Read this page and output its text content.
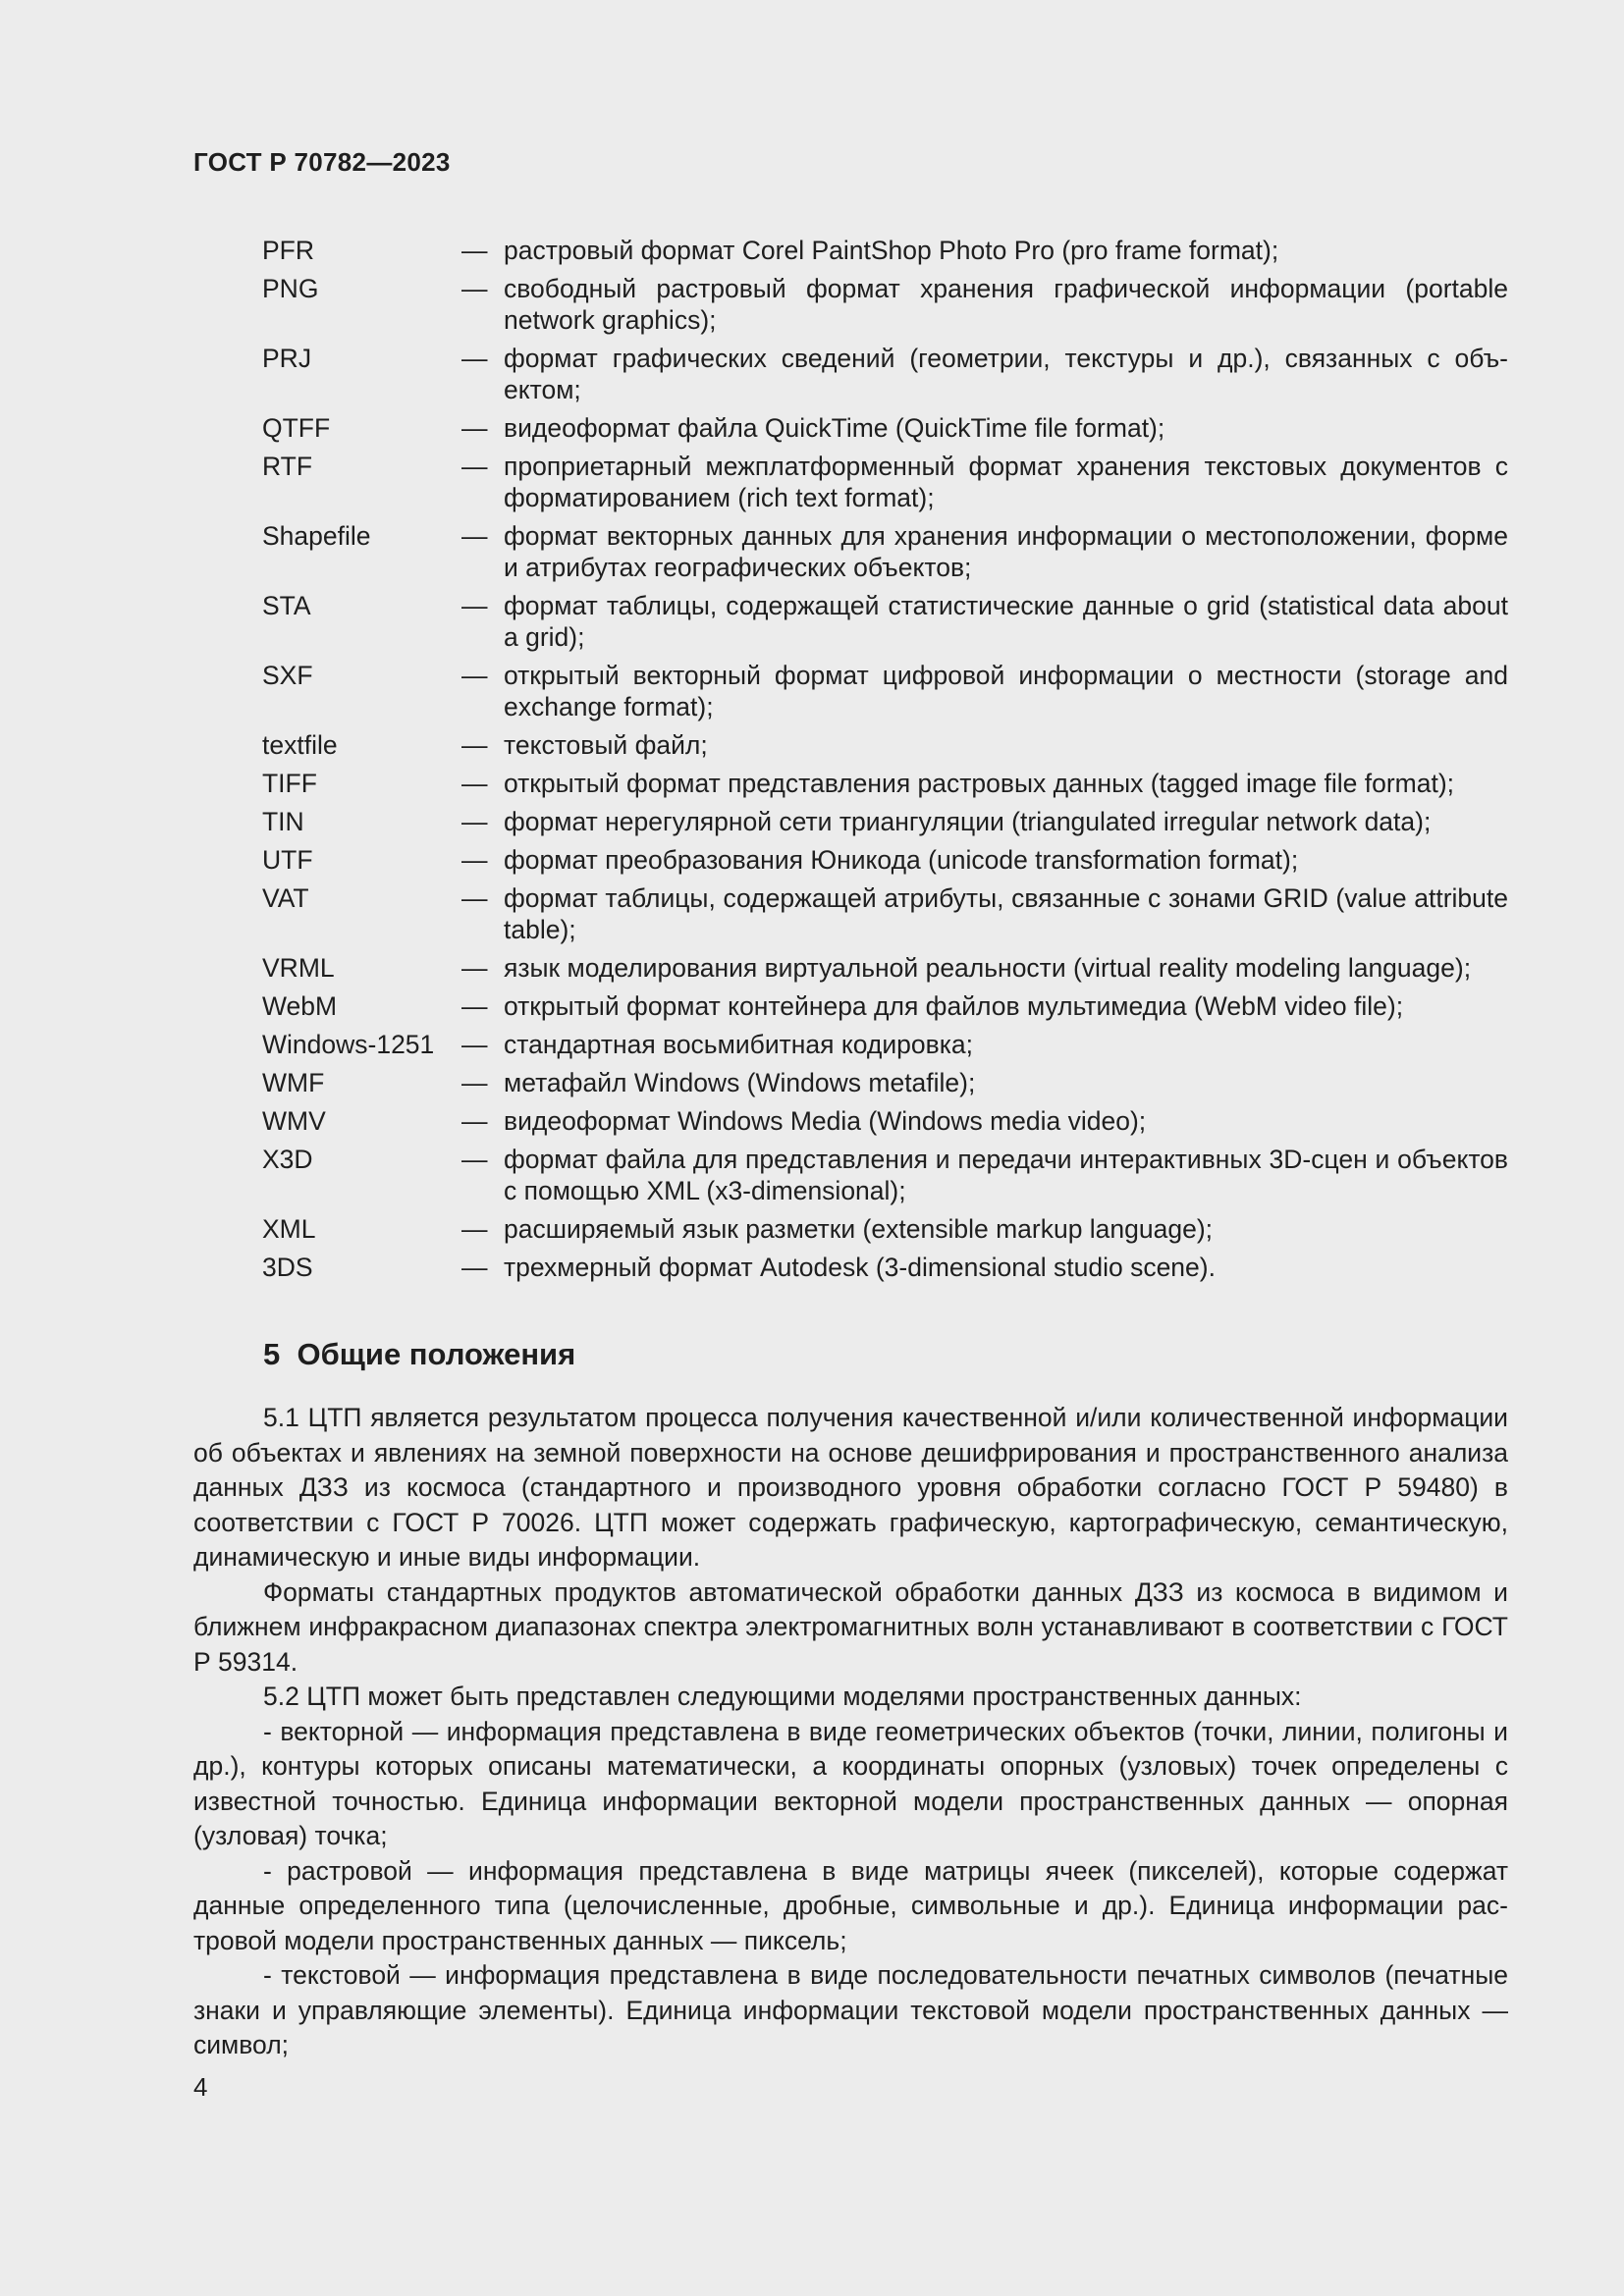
ГОСТ Р 70782—2023
PFR	— растровый формат Corel PaintShop Photo Pro (pro frame format);
PNG	— свободный растровый формат хранения графической информации (portable network graphics);
PRJ	— формат графических сведений (геометрии, текстуры и др.), связанных с объектом;
QTFF	— видеоформат файла QuickTime (QuickTime file format);
RTF	— проприетарный межплатформенный формат хранения текстовых документов с форматированием (rich text format);
Shapefile	— формат векторных данных для хранения информации о местоположении, форме и атрибутах географических объектов;
STA	— формат таблицы, содержащей статистические данные о grid (statistical data about a grid);
SXF	— открытый векторный формат цифровой информации о местности (storage and exchange format);
textfile	— текстовый файл;
TIFF	— открытый формат представления растровых данных (tagged image file format);
TIN	— формат нерегулярной сети триангуляции (triangulated irregular network data);
UTF	— формат преобразования Юникода (unicode transformation format);
VAT	— формат таблицы, содержащей атрибуты, связанные с зонами GRID (value attribute table);
VRML	— язык моделирования виртуальной реальности (virtual reality modeling language);
WebM	— открытый формат контейнера для файлов мультимедиа (WebM video file);
Windows-1251	— стандартная восьмибитная кодировка;
WMF	— метафайл Windows (Windows metafile);
WMV	— видеоформат Windows Media (Windows media video);
X3D	— формат файла для представления и передачи интерактивных 3D-сцен и объектов с помощью XML (x3-dimensional);
XML	— расширяемый язык разметки (extensible markup language);
3DS	— трехмерный формат Autodesk (3-dimensional studio scene).
5 Общие положения

5.1 ЦТП является результатом процесса получения качественной и/или количественной информации об объектах и явлениях на земной поверхности на основе дешифрирования и пространственного анализа данных ДЗЗ из космоса (стандартного и производного уровня обработки согласно ГОСТ Р 59480) в соответствии с ГОСТ Р 70026. ЦТП может содержать графическую, картографическую, семантическую, динамическую и иные виды информации.

Форматы стандартных продуктов автоматической обработки данных ДЗЗ из космоса в видимом и ближнем инфракрасном диапазонах спектра электромагнитных волн устанавливают в соответствии с ГОСТ Р 59314.

5.2 ЦТП может быть представлен следующими моделями пространственных данных:

- векторной — информация представлена в виде геометрических объектов (точки, линии, полигоны и др.), контуры которых описаны математически, а координаты опорных (узловых) точек определены с известной точностью. Единица информации векторной модели пространственных данных — опорная (узловая) точка;

- растровой — информация представлена в виде матрицы ячеек (пикселей), которые содержат данные определенного типа (целочисленные, дробные, символьные и др.). Единица информации растровой модели пространственных данных — пиксель;

- текстовой — информация представлена в виде последовательности печатных символов (печатные знаки и управляющие элементы). Единица информации текстовой модели пространственных данных — символ;

4
